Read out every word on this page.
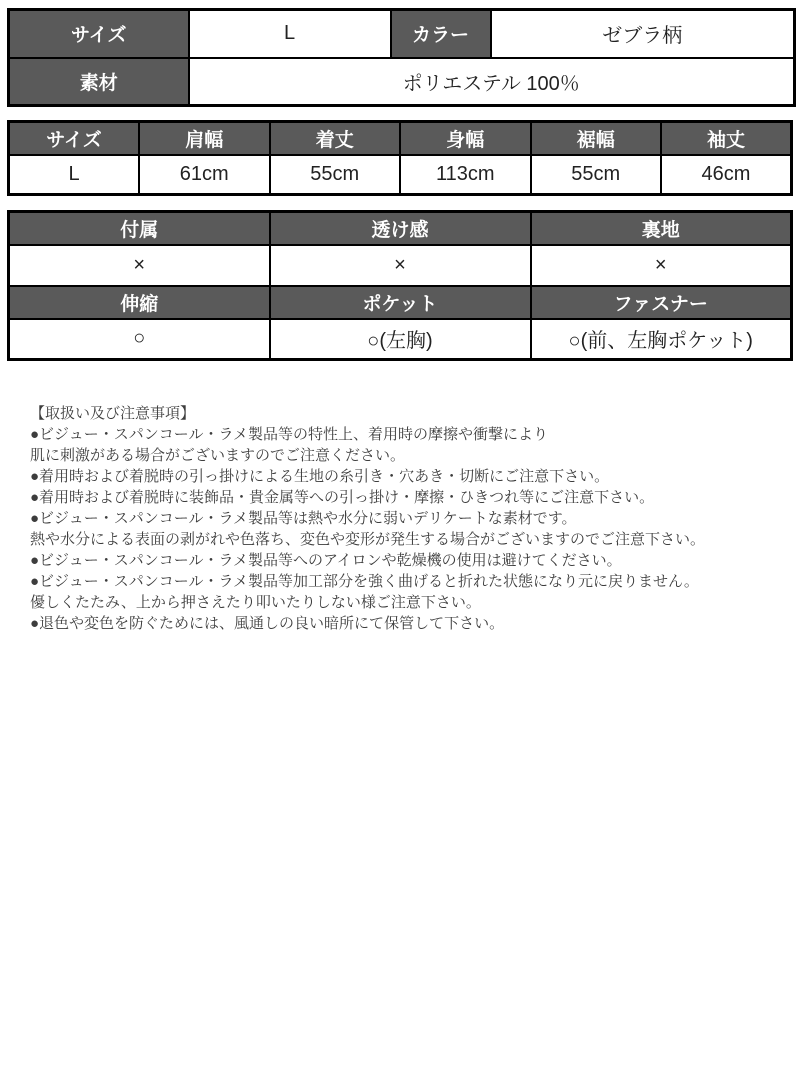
サイズ	L	カラー	ゼブラ柄
素材	ポリエステル 100％		
サイズ	肩幅	着丈	身幅	裾幅	袖丈
L	61cm	55cm	113cm	55cm	46cm
付属	透け感	裏地
×	×	×
伸縮	ポケット	ファスナー
○	○(左胸)	○(前、左胸ポケット)
【取扱い及び注意事項】
●ビジュー・スパンコール・ラメ製品等の特性上、着用時の摩擦や衝撃により
肌に刺激がある場合がございますのでご注意ください。
●着用時および着脱時の引っ掛けによる生地の糸引き・穴あき・切断にご注意下さい。
●着用時および着脱時に装飾品・貴金属等への引っ掛け・摩擦・ひきつれ等にご注意下さい。
●ビジュー・スパンコール・ラメ製品等は熱や水分に弱いデリケートな素材です。
熱や水分による表面の剥がれや色落ち、変色や変形が発生する場合がございますのでご注意下さい。
●ビジュー・スパンコール・ラメ製品等へのアイロンや乾燥機の使用は避けてください。
●ビジュー・スパンコール・ラメ製品等加工部分を強く曲げると折れた状態になり元に戻りません。
優しくたたみ、上から押さえたり叩いたりしない様ご注意下さい。
●退色や変色を防ぐためには、風通しの良い暗所にて保管して下さい。
